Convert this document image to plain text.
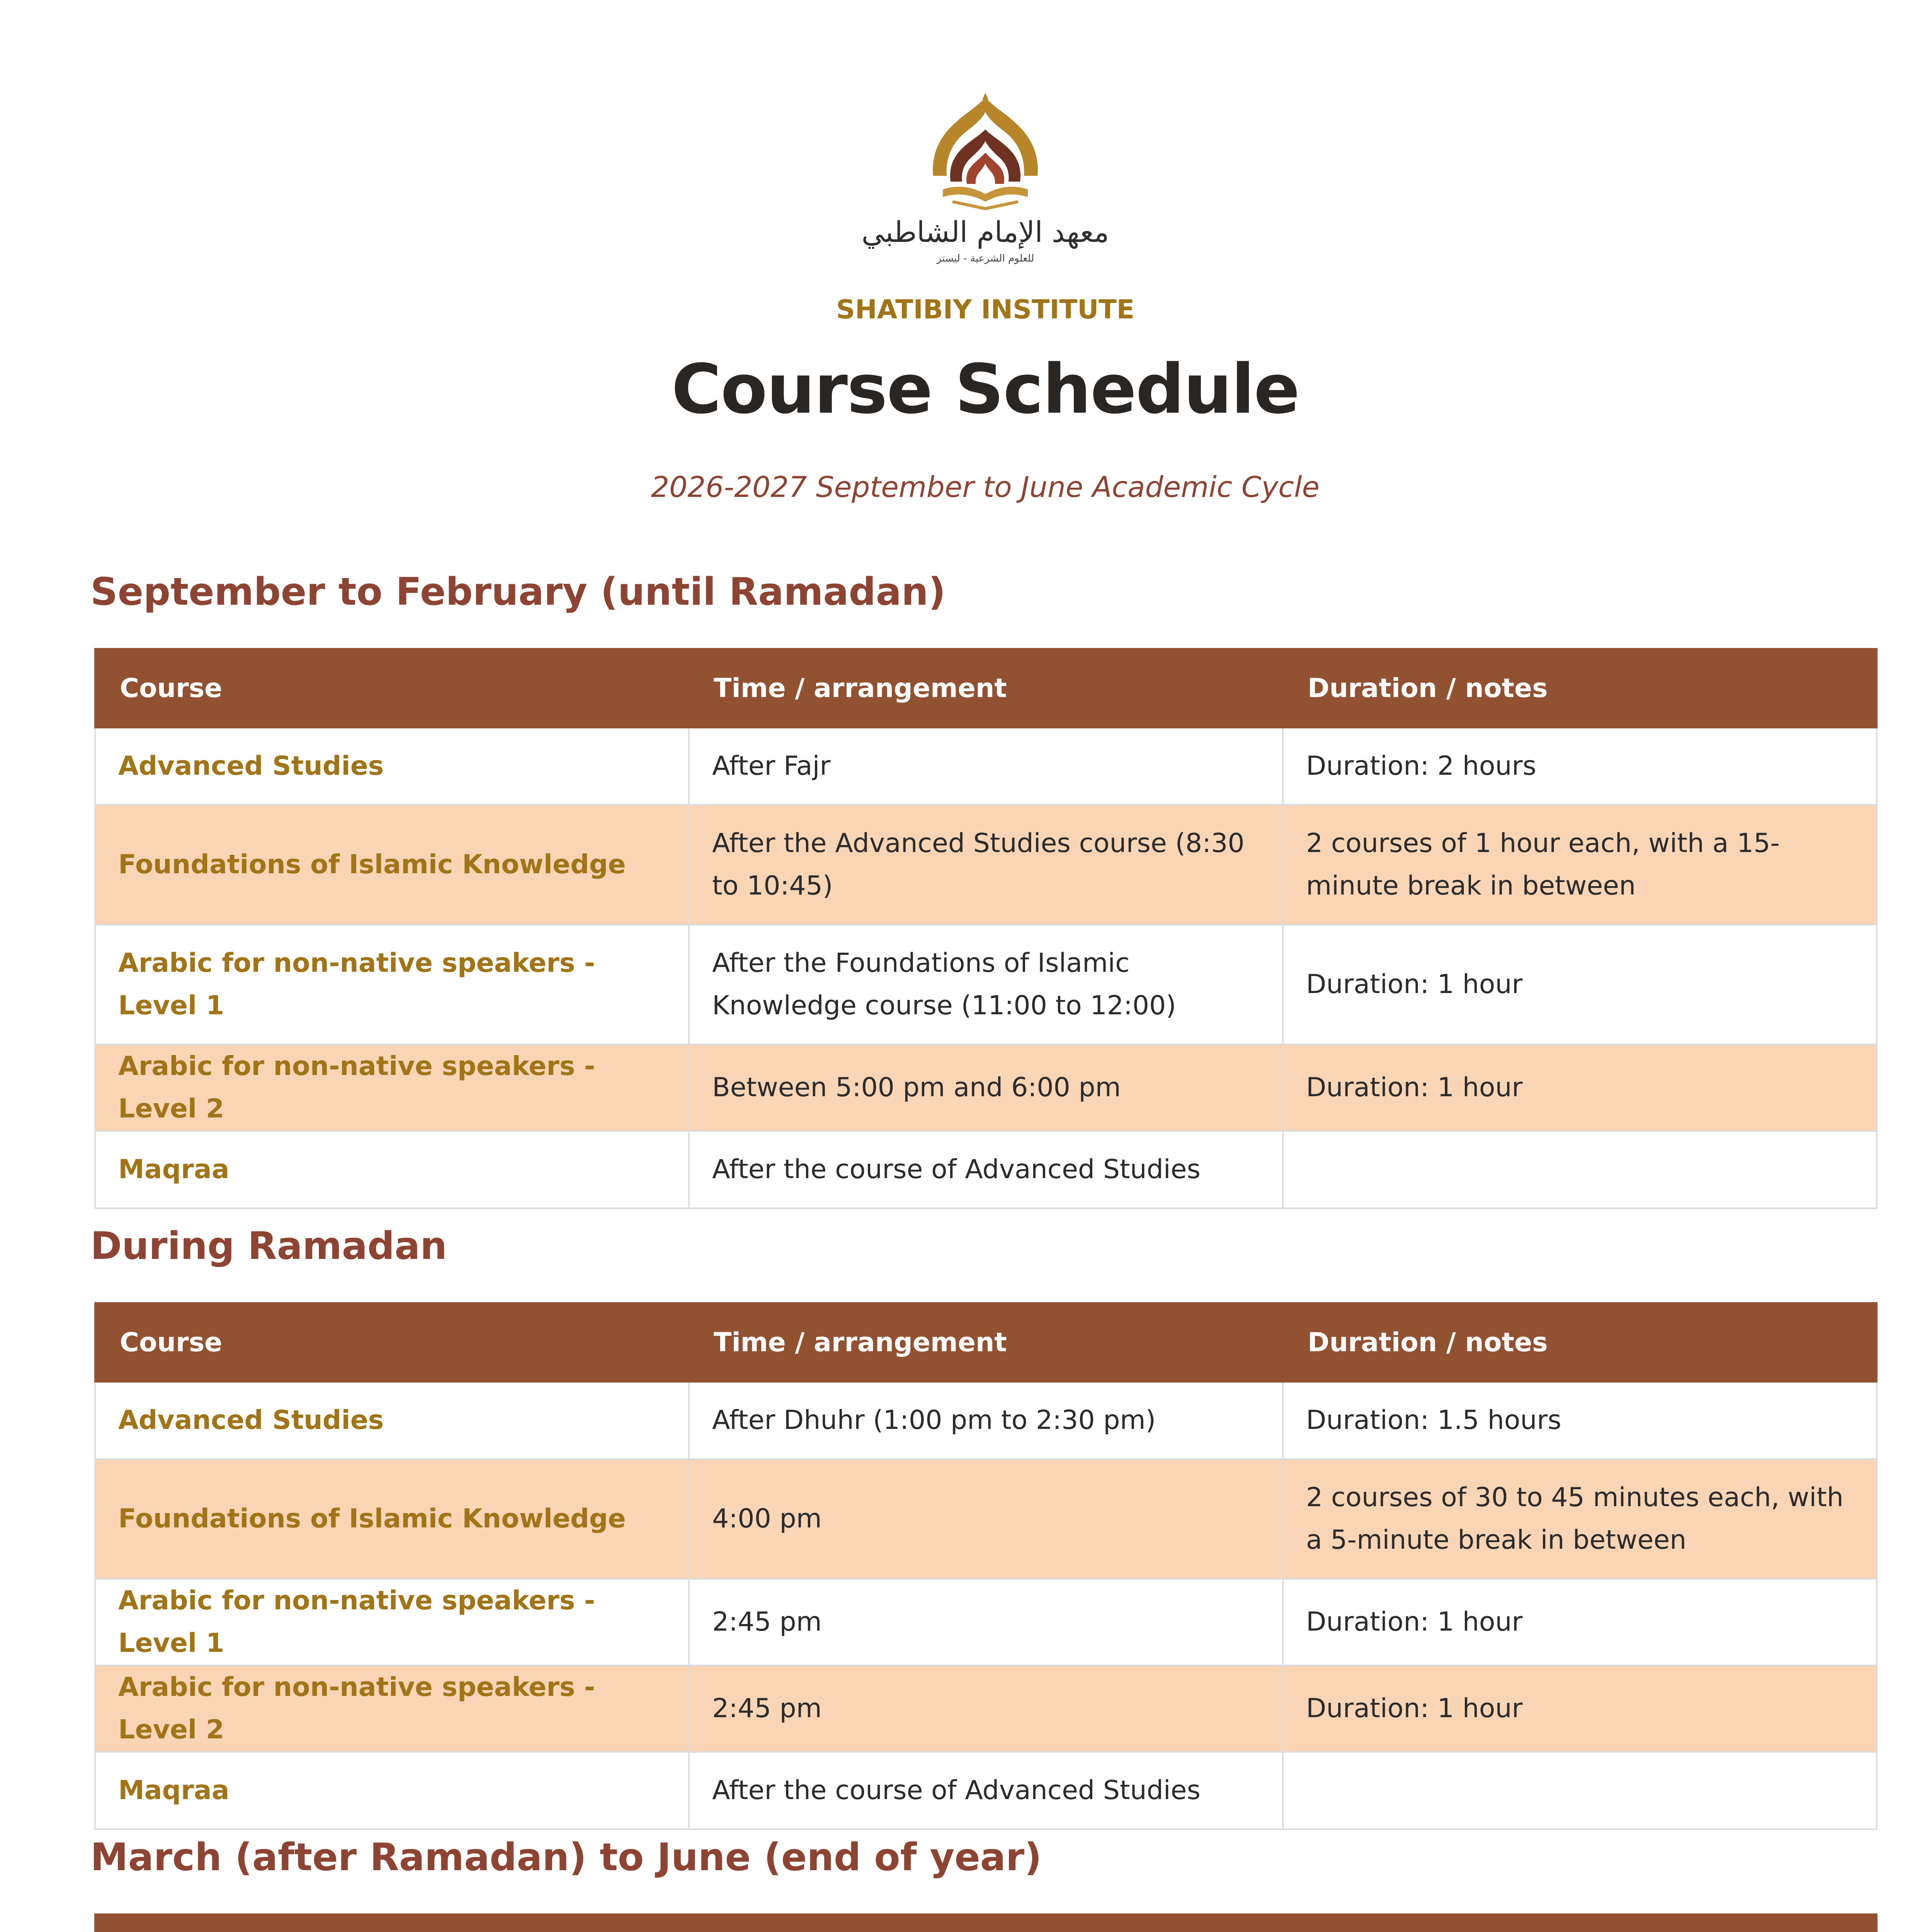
معهد الإمام الشاطبي
للعلوم الشرعية - ليستر
SHATIBIY INSTITUTE
Course Schedule
2026-2027 September to June Academic Cycle
September to February (until Ramadan)
Course	Time / arrangement	Duration / notes
Advanced Studies	After Fajr	Duration: 2 hours
Foundations of Islamic Knowledge	After the Advanced Studies course (8:30 to 10:45)	2 courses of 1 hour each, with a 15-minute break in between
Arabic for non-native speakers - Level 1	After the Foundations of Islamic Knowledge course (11:00 to 12:00)	Duration: 1 hour
Arabic for non-native speakers - Level 2	Between 5:00 pm and 6:00 pm	Duration: 1 hour
Maqraa	After the course of Advanced Studies	
During Ramadan
Course	Time / arrangement	Duration / notes
Advanced Studies	After Dhuhr (1:00 pm to 2:30 pm)	Duration: 1.5 hours
Foundations of Islamic Knowledge	4:00 pm	2 courses of 30 to 45 minutes each, with a 5-minute break in between
Arabic for non-native speakers - Level 1	2:45 pm	Duration: 1 hour
Arabic for non-native speakers - Level 2	2:45 pm	Duration: 1 hour
Maqraa	After the course of Advanced Studies	
March (after Ramadan) to June (end of year)
